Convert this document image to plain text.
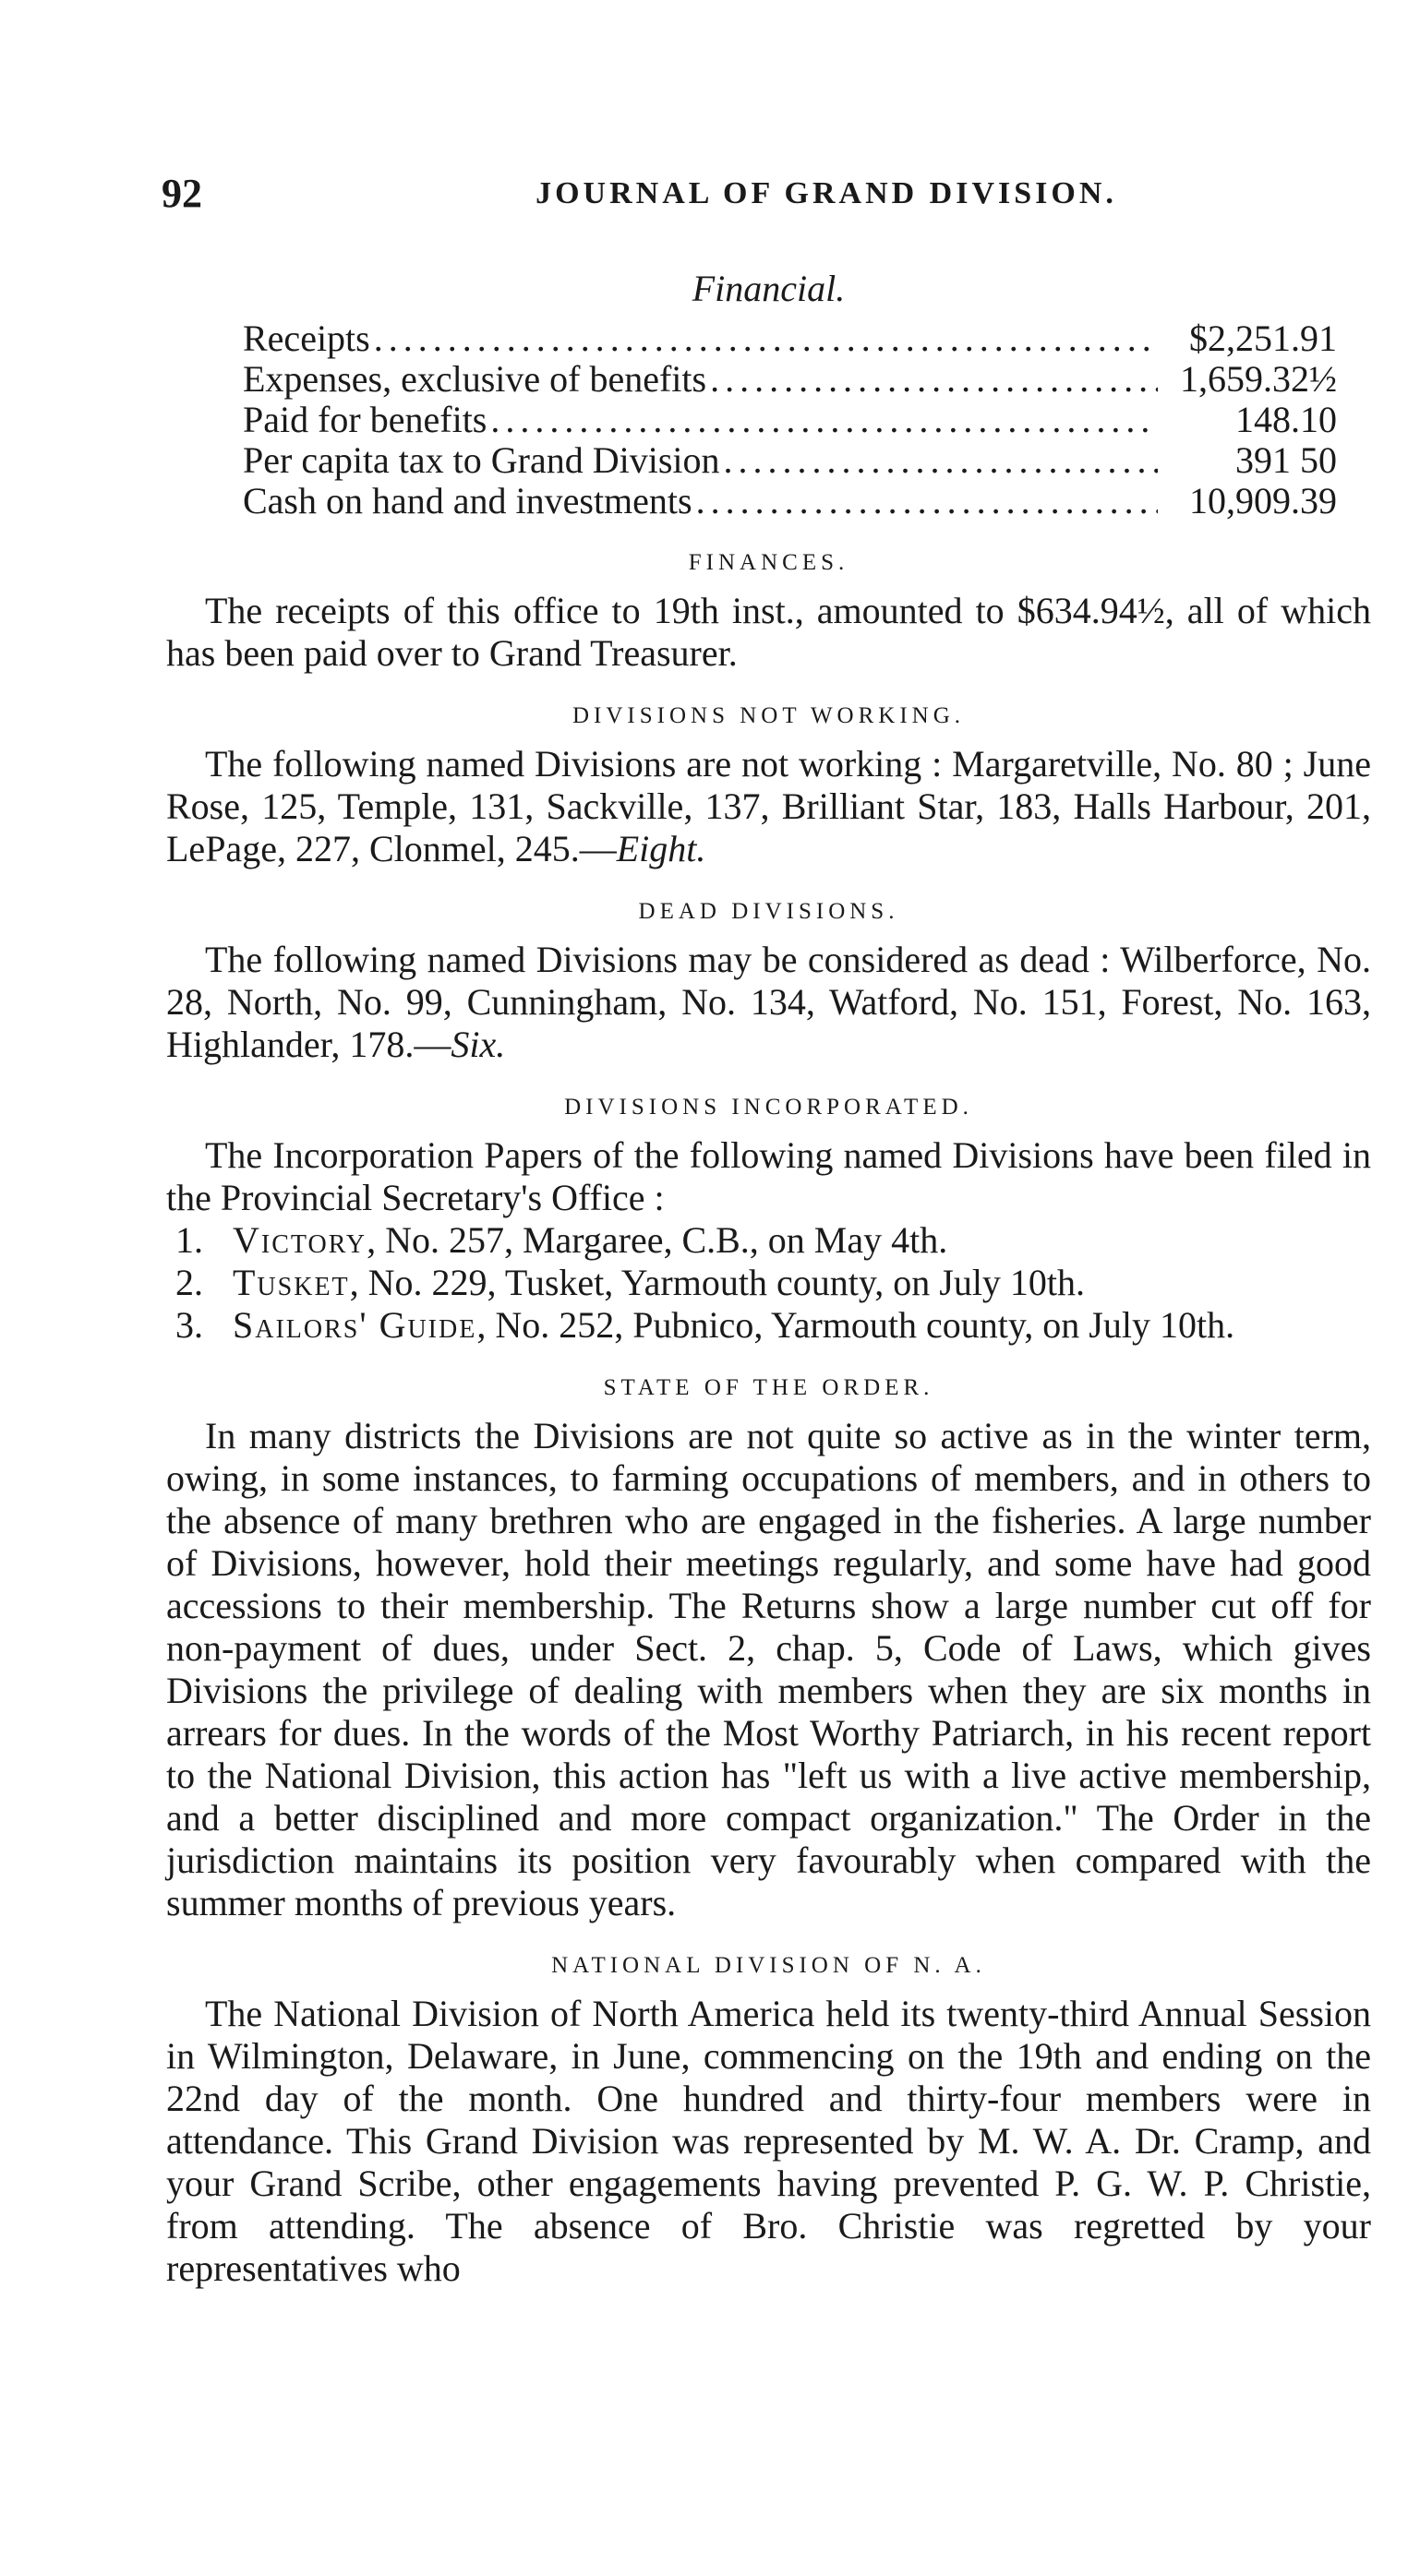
92	JOURNAL OF GRAND DIVISION.
Financial.
Receipts .....	$2,251.91
Expenses, exclusive of benefits .....	1,659.32½
Paid for benefits .....	148.10
Per capita tax to Grand Division .....	391 50
Cash on hand and investments .....	10,909.39
FINANCES.

The receipts of this office to 19th inst., amounted to $634.94½, all of which has been paid over to Grand Treasurer.

DIVISIONS NOT WORKING.

The following named Divisions are not working : Margaretville, No. 80 ; June Rose, 125, Temple, 131, Sackville, 137, Brilliant Star, 183, Halls Harbour, 201, LePage, 227, Clonmel, 245.—Eight.

DEAD DIVISIONS.

The following named Divisions may be considered as dead : Wilberforce, No. 28, North, No. 99, Cunningham, No. 134, Watford, No. 151, Forest, No. 163, Highlander, 178.—Six.

DIVISIONS INCORPORATED.

The Incorporation Papers of the following named Divisions have been filed in the Provincial Secretary's Office :

1. Victory, No. 257, Margaree, C.B., on May 4th.

2. Tusket, No. 229, Tusket, Yarmouth county, on July 10th.

3. Sailors' Guide, No. 252, Pubnico, Yarmouth county, on July 10th.

STATE OF THE ORDER.

In many districts the Divisions are not quite so active as in the winter term, owing, in some instances, to farming occupations of members, and in others to the absence of many brethren who are engaged in the fisheries. A large number of Divisions, however, hold their meetings regularly, and some have had good accessions to their membership. The Returns show a large number cut off for non-payment of dues, under Sect. 2, chap. 5, Code of Laws, which gives Divisions the privilege of dealing with members when they are six months in arrears for dues. In the words of the Most Worthy Patriarch, in his recent report to the National Division, this action has "left us with a live active membership, and a better disciplined and more compact organization." The Order in the jurisdiction maintains its position very favourably when compared with the summer months of previous years.

NATIONAL DIVISION OF N. A.

The National Division of North America held its twenty-third Annual Session in Wilmington, Delaware, in June, commencing on the 19th and ending on the 22nd day of the month. One hundred and thirty-four members were in attendance. This Grand Division was represented by M. W. A. Dr. Cramp, and your Grand Scribe, other engagements having prevented P. G. W. P. Christie, from attending. The absence of Bro. Christie was regretted by your representatives who
